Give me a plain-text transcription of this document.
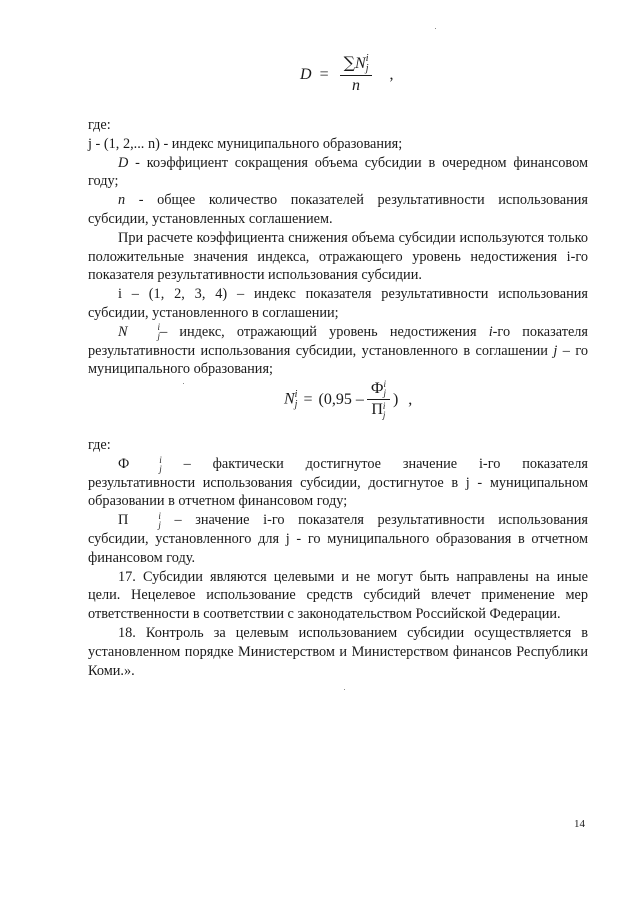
D = ∑N i
j
n ,

где:

j - (1, 2,... n) - индекс муниципального образования;

D - коэффициент сокращения объема субсидии в очередном финансовом году;

n - общее количество показателей результативности использования субсидии, установленных соглашением.

При расчете коэффициента снижения объема субсидии используются только положительные значения индекса, отражающего уровень недостижения i-го показателя результативности использования субсидии.

i – (1, 2, 3, 4) – индекс показателя результативности использования субсидии, установленного в соглашении;

N	i
j – индекс, отражающий уровень недостижения i-го показателя результативности использования субсидии, установленного в соглашении j – го муниципального образования;

N i
j = (0,95 – Ф i
j
П i
j ) ,

где:

Ф	i
j – фактически достигнутое значение i-го показателя результативности использования субсидии, достигнутое в j - муниципальном образовании в отчетном финансовом году;

П	i
j – значение i-го показателя результативности использования субсидии, установленного для j - го муниципального образования в отчетном финансовом году.

17. Субсидии являются целевыми и не могут быть направлены на иные цели. Нецелевое использование средств субсидий влечет применение мер ответственности в соответствии с законодательством Российской Федерации.

18. Контроль за целевым использованием субсидии осуществляется в установленном порядке Министерством и Министерством финансов Республики Коми.».

14
